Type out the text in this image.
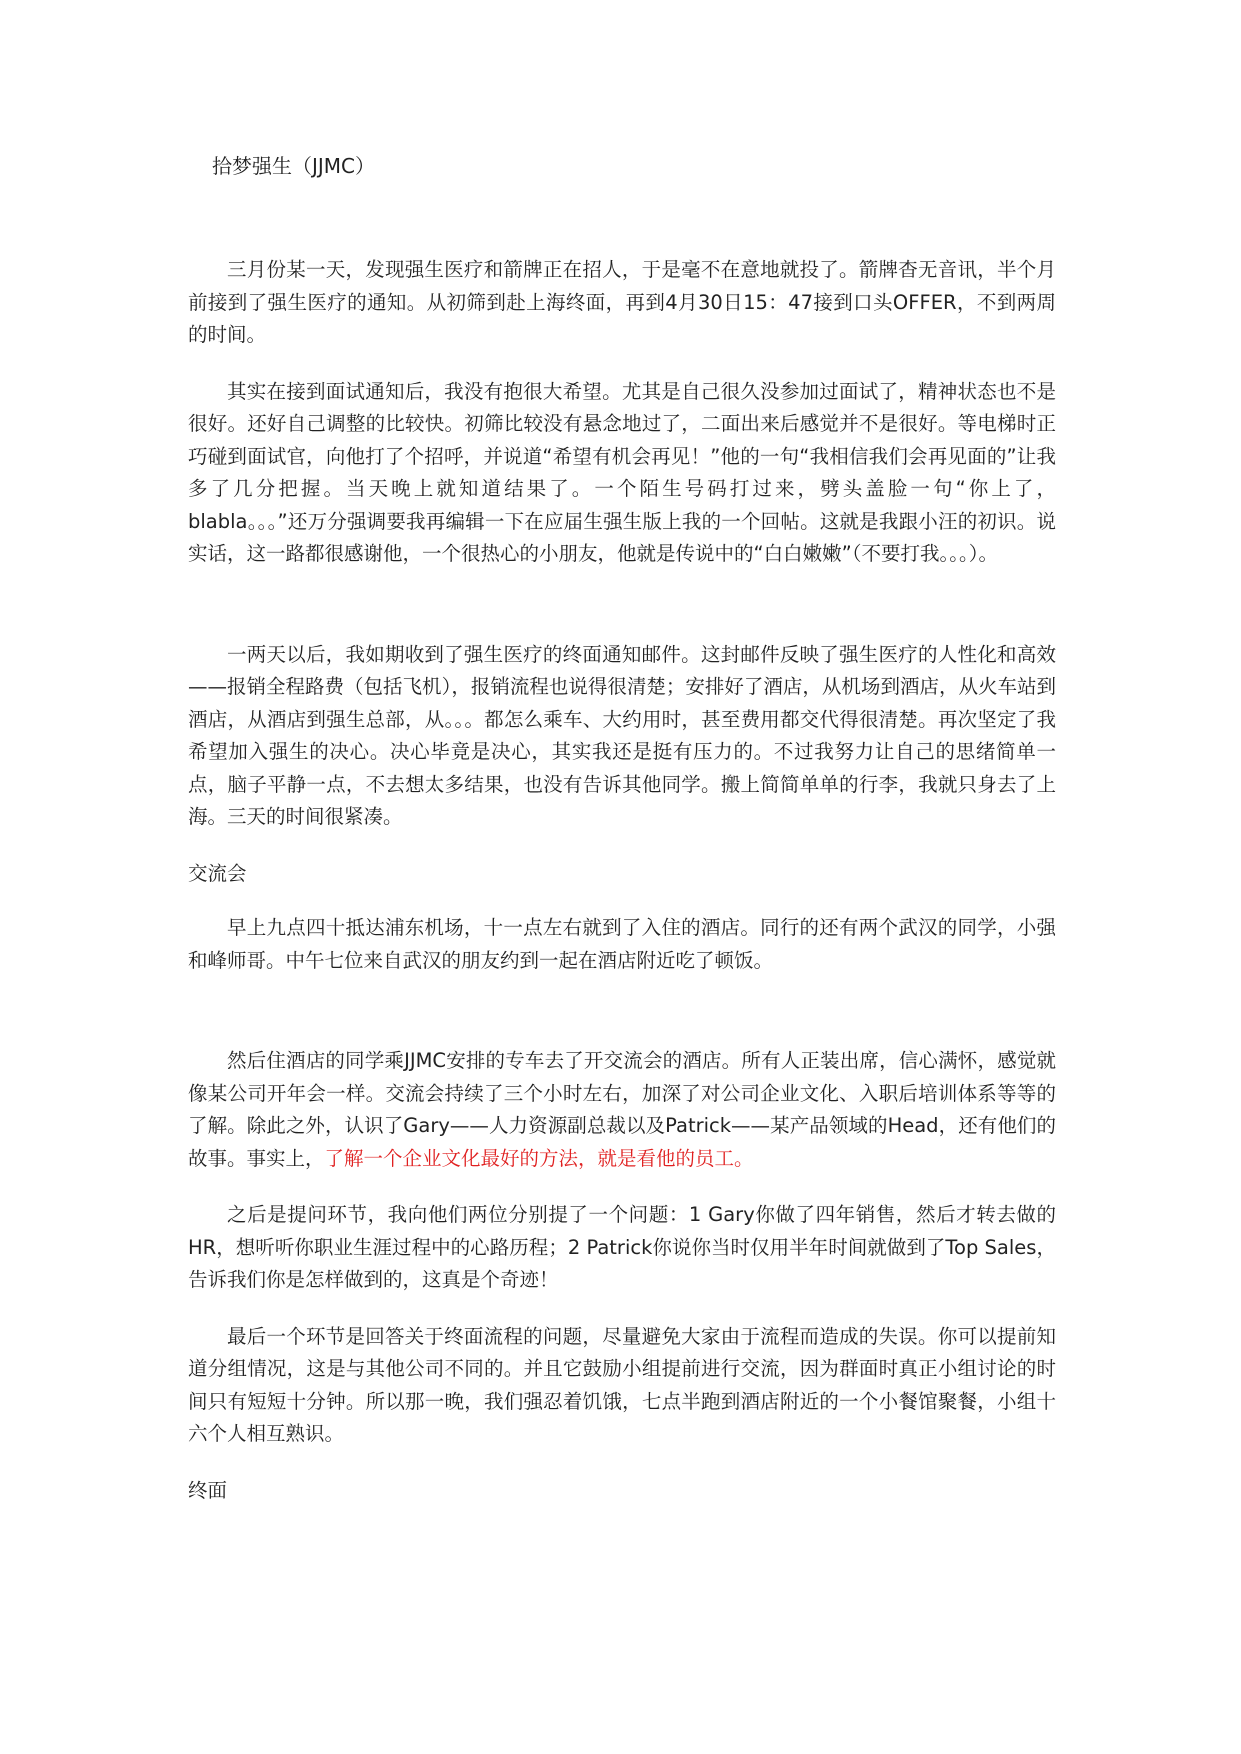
拾梦强生（JJMC）

三月份某一天，发现强生医疗和箭牌正在招人，于是毫不在意地就投了。箭牌杳无音讯，半个月前接到了强生医疗的通知。从初筛到赴上海终面，再到4月30日15：47接到口头OFFER，不到两周的时间。

其实在接到面试通知后，我没有抱很大希望。尤其是自己很久没参加过面试了，精神状态也不是很好。还好自己调整的比较快。初筛比较没有悬念地过了，二面出来后感觉并不是很好。等电梯时正巧碰到面试官，向他打了个招呼，并说道“希望有机会再见！”他的一句“我相信我们会再见面的”让我多了几分把握。当天晚上就知道结果了。一个陌生号码打过来，劈头盖脸一句“你上了，blabla。。。”还万分强调要我再编辑一下在应届生强生版上我的一个回帖。这就是我跟小汪的初识。说实话，这一路都很感谢他，一个很热心的小朋友，他就是传说中的“白白嫩嫩”（不要打我。。。）。

一两天以后，我如期收到了强生医疗的终面通知邮件。这封邮件反映了强生医疗的人性化和高效——报销全程路费（包括飞机），报销流程也说得很清楚；安排好了酒店，从机场到酒店，从火车站到酒店，从酒店到强生总部，从。。。都怎么乘车、大约用时，甚至费用都交代得很清楚。再次坚定了我希望加入强生的决心。决心毕竟是决心，其实我还是挺有压力的。不过我努力让自己的思绪简单一点，脑子平静一点，不去想太多结果，也没有告诉其他同学。搬上简简单单的行李，我就只身去了上海。三天的时间很紧凑。

交流会

早上九点四十抵达浦东机场，十一点左右就到了入住的酒店。同行的还有两个武汉的同学，小强和峰师哥。中午七位来自武汉的朋友约到一起在酒店附近吃了顿饭。

然后住酒店的同学乘JJMC安排的专车去了开交流会的酒店。所有人正装出席，信心满怀，感觉就像某公司开年会一样。交流会持续了三个小时左右，加深了对公司企业文化、入职后培训体系等等的了解。除此之外，认识了Gary——人力资源副总裁以及Patrick——某产品领域的Head，还有他们的故事。事实上，了解一个企业文化最好的方法，就是看他的员工。

之后是提问环节，我向他们两位分别提了一个问题：1 Gary你做了四年销售，然后才转去做的HR，想听听你职业生涯过程中的心路历程；2 Patrick你说你当时仅用半年时间就做到了Top Sales，告诉我们你是怎样做到的，这真是个奇迹！

最后一个环节是回答关于终面流程的问题，尽量避免大家由于流程而造成的失误。你可以提前知道分组情况，这是与其他公司不同的。并且它鼓励小组提前进行交流，因为群面时真正小组讨论的时间只有短短十分钟。所以那一晚，我们强忍着饥饿，七点半跑到酒店附近的一个小餐馆聚餐，小组十六个人相互熟识。

终面
